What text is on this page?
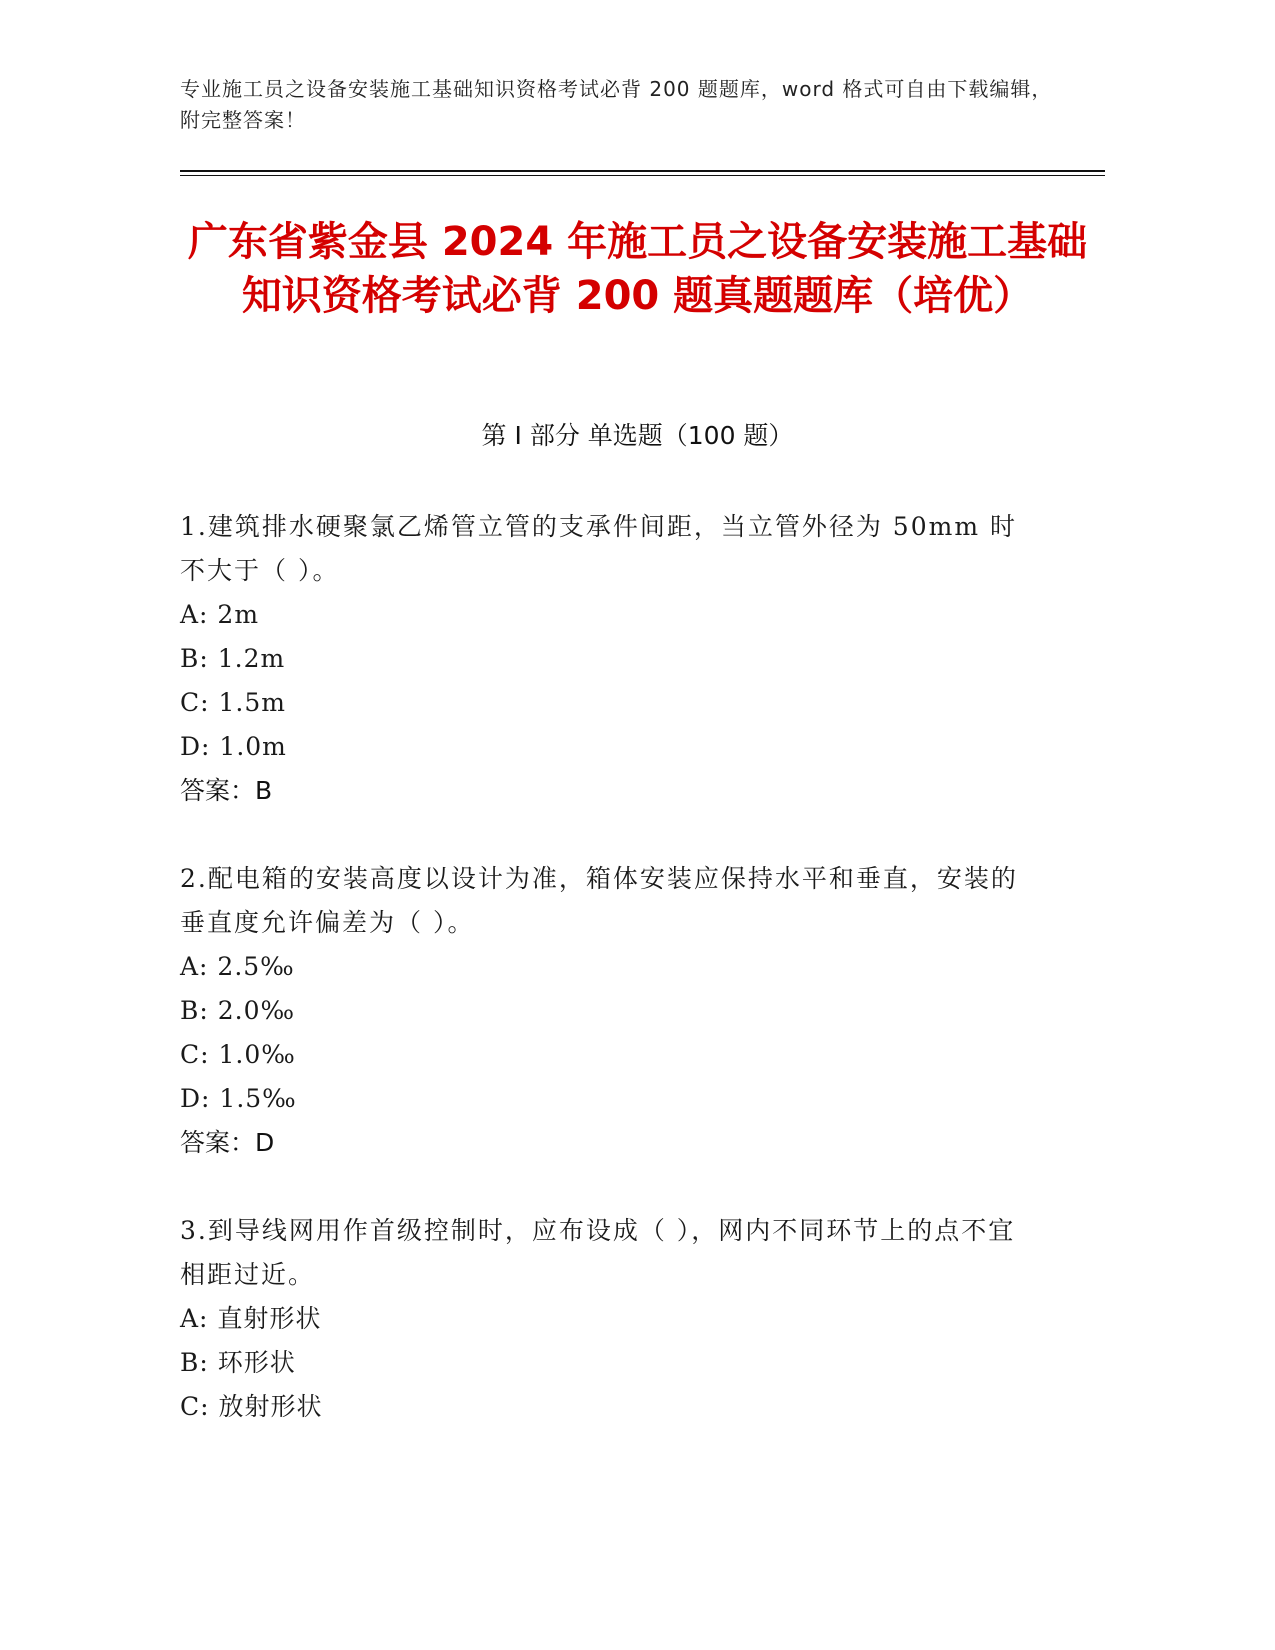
专业施工员之设备安装施工基础知识资格考试必背 200 题题库，word 格式可自由下载编辑，附完整答案！
广东省紫金县 2024 年施工员之设备安装施工基础知识资格考试必背 200 题真题题库（培优）
第 I 部分 单选题（100 题）
1.建筑排水硬聚氯乙烯管立管的支承件间距，当立管外径为 50mm 时不大于（ ）。
A: 2m
B: 1.2m
C: 1.5m
D: 1.0m
答案：B
2.配电箱的安装高度以设计为准，箱体安装应保持水平和垂直，安装的垂直度允许偏差为（ ）。
A: 2.5‰
B: 2.0‰
C: 1.0‰
D: 1.5‰
答案：D
3.到导线网用作首级控制时，应布设成（ ），网内不同环节上的点不宜相距过近。
A: 直射形状
B: 环形状
C: 放射形状
